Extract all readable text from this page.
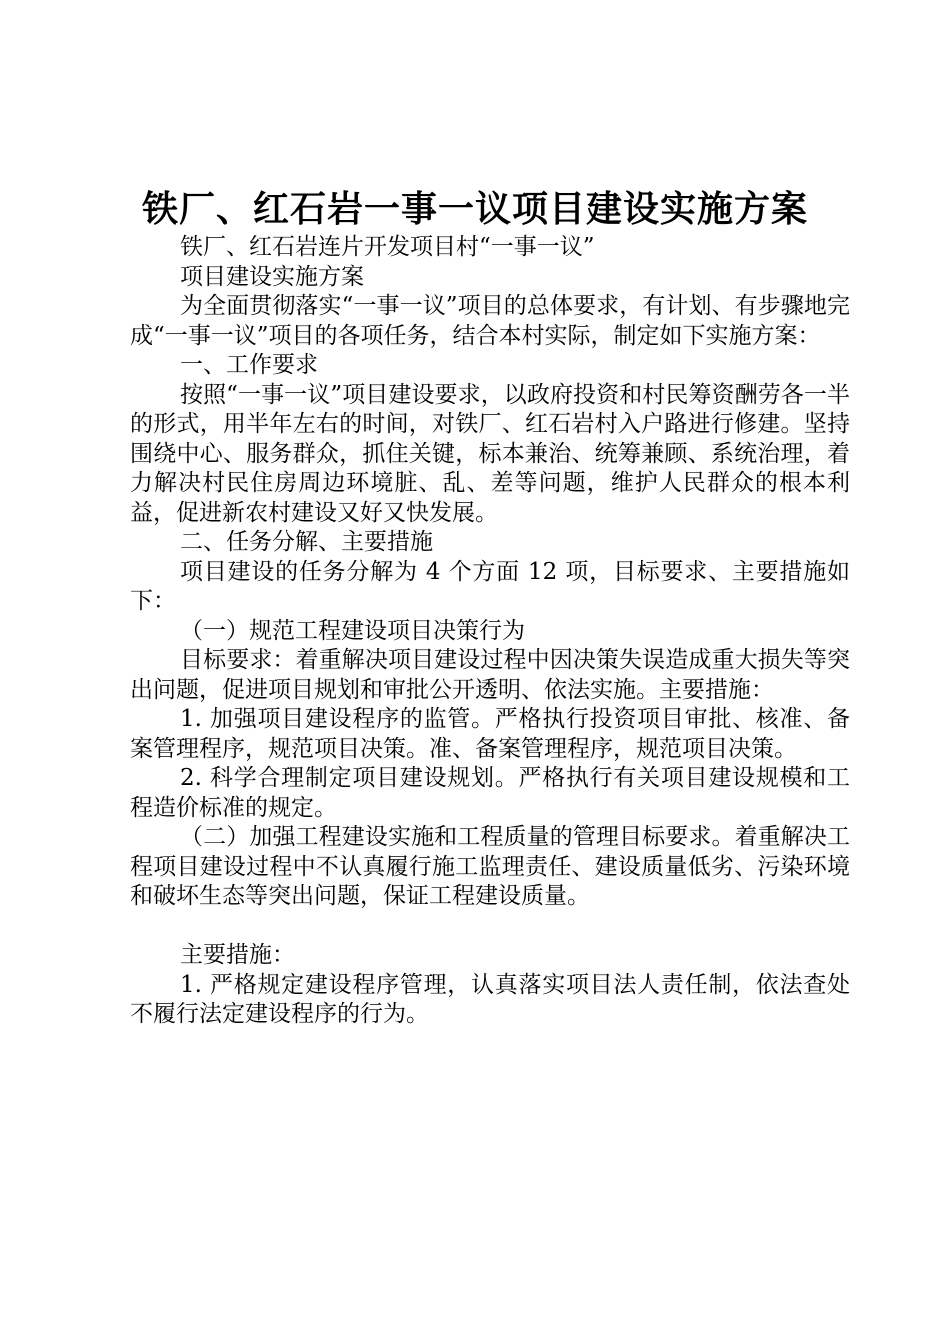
铁厂、红石岩一事一议项目建设实施方案

铁厂、红石岩连片开发项目村“一事一议”

项目建设实施方案

为全面贯彻落实“一事一议”项目的总体要求，有计划、有步骤地完成“一事一议”项目的各项任务，结合本村实际，制定如下实施方案：

一、工作要求

按照“一事一议”项目建设要求，以政府投资和村民筹资酬劳各一半的形式，用半年左右的时间，对铁厂、红石岩村入户路进行修建。坚持围绕中心、服务群众，抓住关键，标本兼治、统筹兼顾、系统治理，着力解决村民住房周边环境脏、乱、差等问题，维护人民群众的根本利益，促进新农村建设又好又快发展。

二、任务分解、主要措施

项目建设的任务分解为 4 个方面 12 项，目标要求、主要措施如下：

（一）规范工程建设项目决策行为

目标要求：着重解决项目建设过程中因决策失误造成重大损失等突出问题，促进项目规划和审批公开透明、依法实施。主要措施：

1. 加强项目建设程序的监管。严格执行投资项目审批、核准、备案管理程序，规范项目决策。准、备案管理程序，规范项目决策。

2. 科学合理制定项目建设规划。严格执行有关项目建设规模和工程造价标准的规定。

（二）加强工程建设实施和工程质量的管理目标要求。着重解决工程项目建设过程中不认真履行施工监理责任、建设质量低劣、污染环境和破坏生态等突出问题，保证工程建设质量。

主要措施：

1. 严格规定建设程序管理，认真落实项目法人责任制，依法查处不履行法定建设程序的行为。
